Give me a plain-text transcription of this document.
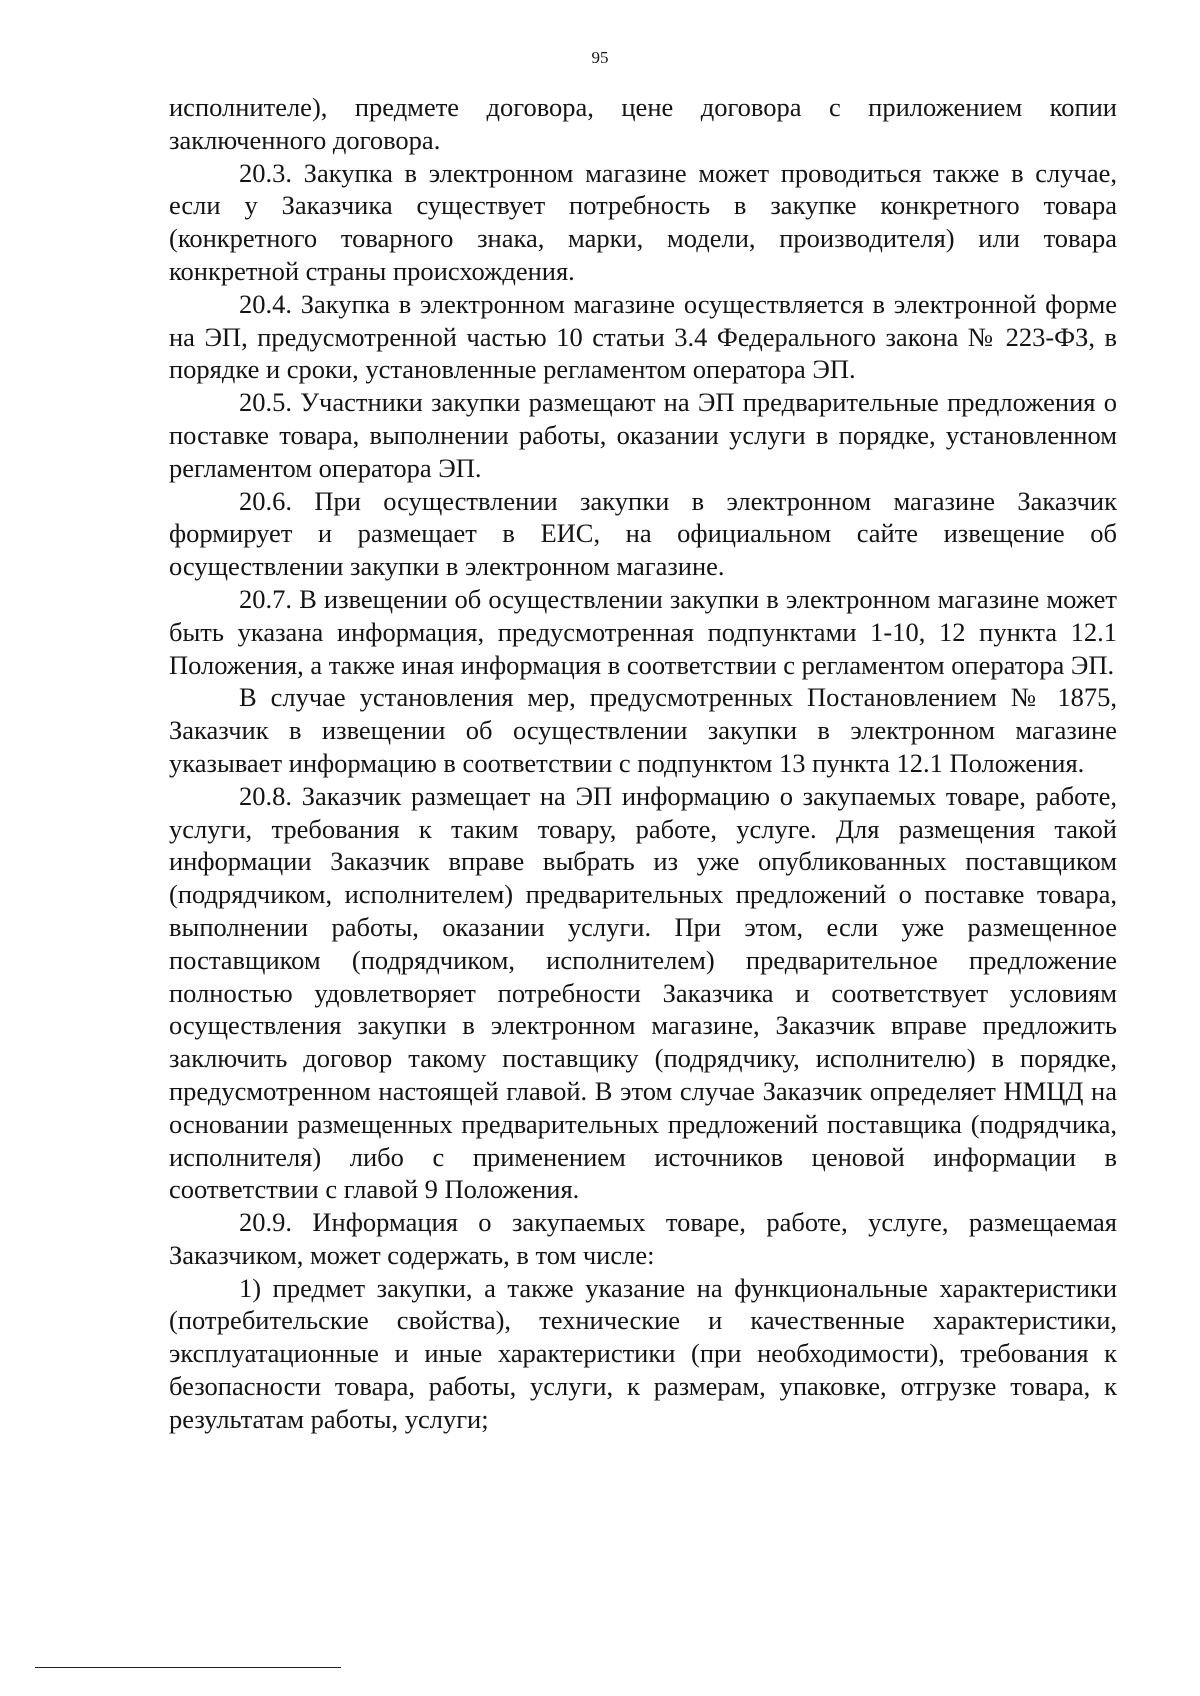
95

исполнителе), предмете договора, цене договора с приложением копии заключенного договора.

20.3. Закупка в электронном магазине может проводиться также в случае, если у Заказчика существует потребность в закупке конкретного товара (конкретного товарного знака, марки, модели, производителя) или товара конкретной страны происхождения.

20.4. Закупка в электронном магазине осуществляется в электронной форме на ЭП, предусмотренной частью 10 статьи 3.4 Федерального закона № 223-ФЗ, в порядке и сроки, установленные регламентом оператора ЭП.

20.5. Участники закупки размещают на ЭП предварительные предложения о поставке товара, выполнении работы, оказании услуги в порядке, установленном регламентом оператора ЭП.

20.6. При осуществлении закупки в электронном магазине Заказчик формирует и размещает в ЕИС, на официальном сайте извещение об осуществлении закупки в электронном магазине.

20.7. В извещении об осуществлении закупки в электронном магазине может быть указана информация, предусмотренная подпунктами 1-10, 12 пункта 12.1 Положения, а также иная информация в соответствии с регламентом оператора ЭП.

В случае установления мер, предусмотренных Постановлением № 1875, Заказчик в извещении об осуществлении закупки в электронном магазине указывает информацию в соответствии с подпунктом 13 пункта 12.1 Положения.

20.8. Заказчик размещает на ЭП информацию о закупаемых товаре, работе, услуги, требования к таким товару, работе, услуге. Для размещения такой информации Заказчик вправе выбрать из уже опубликованных поставщиком (подрядчиком, исполнителем) предварительных предложений о поставке товара, выполнении работы, оказании услуги. При этом, если уже размещенное поставщиком (подрядчиком, исполнителем) предварительное предложение полностью удовлетворяет потребности Заказчика и соответствует условиям осуществления закупки в электронном магазине, Заказчик вправе предложить заключить договор такому поставщику (подрядчику, исполнителю) в порядке, предусмотренном настоящей главой. В этом случае Заказчик определяет НМЦД на основании размещенных предварительных предложений поставщика (подрядчика, исполнителя) либо с применением источников ценовой информации в соответствии с главой 9 Положения.

20.9. Информация о закупаемых товаре, работе, услуге, размещаемая Заказчиком, может содержать, в том числе:

1) предмет закупки, а также указание на функциональные характеристики (потребительские свойства), технические и качественные характеристики, эксплуатационные и иные характеристики (при необходимости), требования к безопасности товара, работы, услуги, к размерам, упаковке, отгрузке товара, к результатам работы, услуги;
